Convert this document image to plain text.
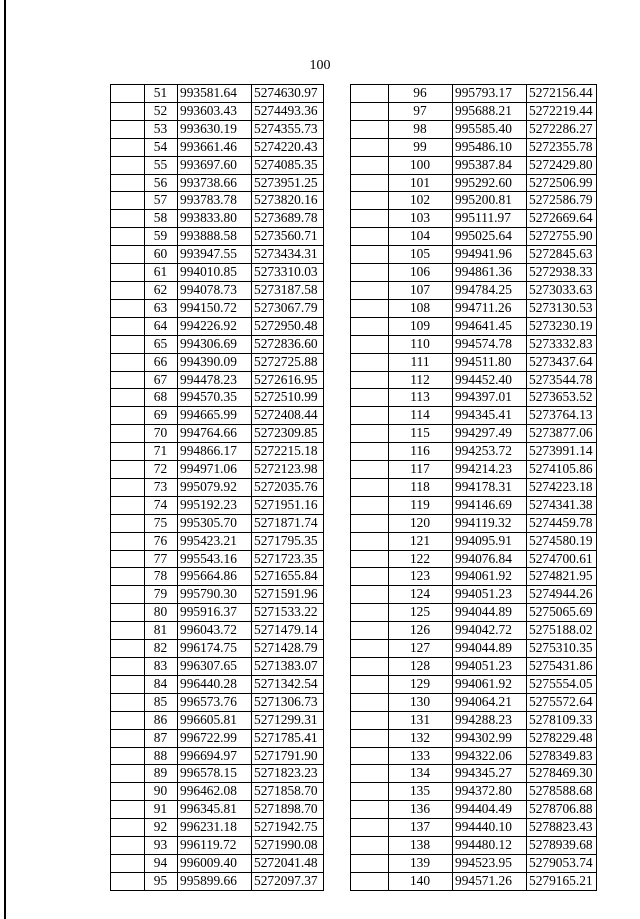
100
	51	993581.64	5274630.97
	52	993603.43	5274493.36
	53	993630.19	5274355.73
	54	993661.46	5274220.43
	55	993697.60	5274085.35
	56	993738.66	5273951.25
	57	993783.78	5273820.16
	58	993833.80	5273689.78
	59	993888.58	5273560.71
	60	993947.55	5273434.31
	61	994010.85	5273310.03
	62	994078.73	5273187.58
	63	994150.72	5273067.79
	64	994226.92	5272950.48
	65	994306.69	5272836.60
	66	994390.09	5272725.88
	67	994478.23	5272616.95
	68	994570.35	5272510.99
	69	994665.99	5272408.44
	70	994764.66	5272309.85
	71	994866.17	5272215.18
	72	994971.06	5272123.98
	73	995079.92	5272035.76
	74	995192.23	5271951.16
	75	995305.70	5271871.74
	76	995423.21	5271795.35
	77	995543.16	5271723.35
	78	995664.86	5271655.84
	79	995790.30	5271591.96
	80	995916.37	5271533.22
	81	996043.72	5271479.14
	82	996174.75	5271428.79
	83	996307.65	5271383.07
	84	996440.28	5271342.54
	85	996573.76	5271306.73
	86	996605.81	5271299.31
	87	996722.99	5271785.41
	88	996694.97	5271791.90
	89	996578.15	5271823.23
	90	996462.08	5271858.70
	91	996345.81	5271898.70
	92	996231.18	5271942.75
	93	996119.72	5271990.08
	94	996009.40	5272041.48
	95	995899.66	5272097.37
	96	995793.17	5272156.44
	97	995688.21	5272219.44
	98	995585.40	5272286.27
	99	995486.10	5272355.78
	100	995387.84	5272429.80
	101	995292.60	5272506.99
	102	995200.81	5272586.79
	103	995111.97	5272669.64
	104	995025.64	5272755.90
	105	994941.96	5272845.63
	106	994861.36	5272938.33
	107	994784.25	5273033.63
	108	994711.26	5273130.53
	109	994641.45	5273230.19
	110	994574.78	5273332.83
	111	994511.80	5273437.64
	112	994452.40	5273544.78
	113	994397.01	5273653.52
	114	994345.41	5273764.13
	115	994297.49	5273877.06
	116	994253.72	5273991.14
	117	994214.23	5274105.86
	118	994178.31	5274223.18
	119	994146.69	5274341.38
	120	994119.32	5274459.78
	121	994095.91	5274580.19
	122	994076.84	5274700.61
	123	994061.92	5274821.95
	124	994051.23	5274944.26
	125	994044.89	5275065.69
	126	994042.72	5275188.02
	127	994044.89	5275310.35
	128	994051.23	5275431.86
	129	994061.92	5275554.05
	130	994064.21	5275572.64
	131	994288.23	5278109.33
	132	994302.99	5278229.48
	133	994322.06	5278349.83
	134	994345.27	5278469.30
	135	994372.80	5278588.68
	136	994404.49	5278706.88
	137	994440.10	5278823.43
	138	994480.12	5278939.68
	139	994523.95	5279053.74
	140	994571.26	5279165.21
